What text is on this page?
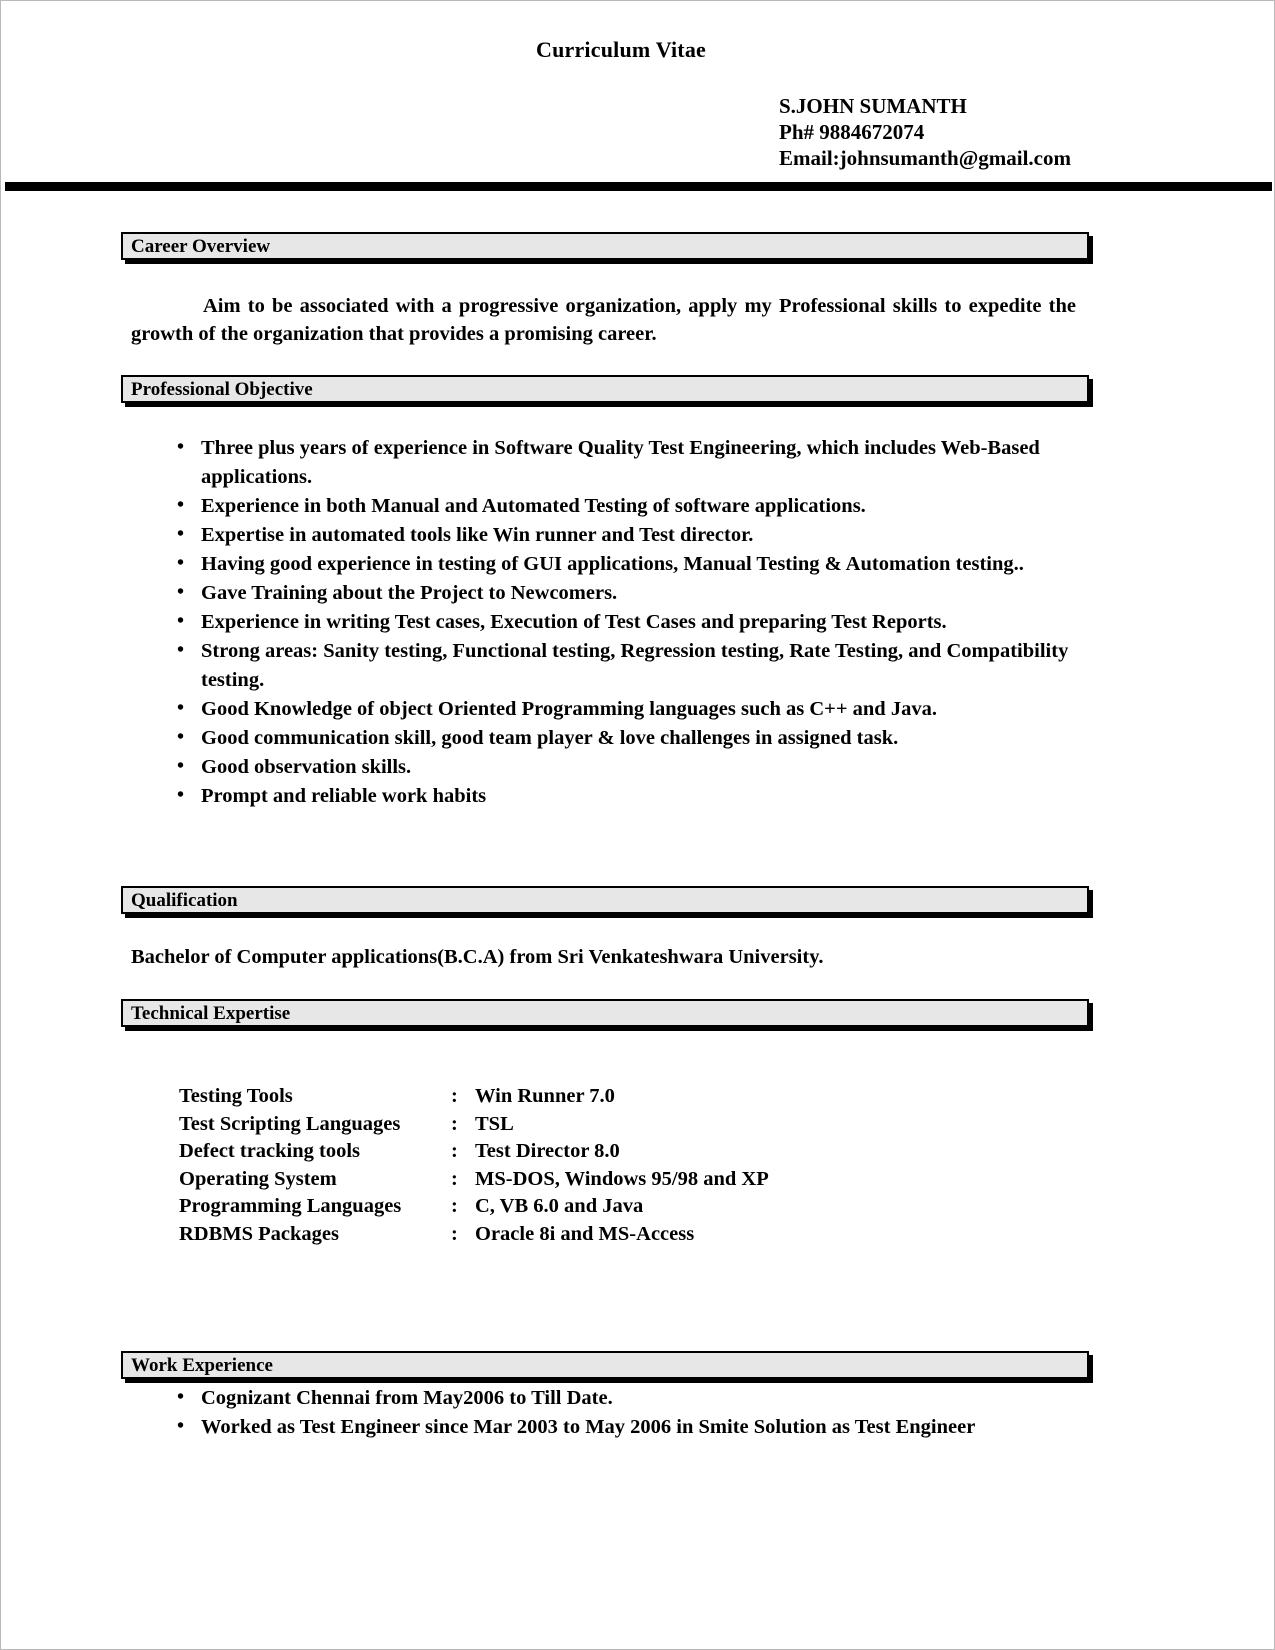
Curriculum Vitae
S.JOHN SUMANTH
Ph# 9884672074
Email:johnsumanth@gmail.com
Career Overview
Aim to be associated with a progressive organization, apply my Professional skills to expedite the growth of the organization that provides a promising career.
Professional Objective
• Three plus years of experience in Software Quality Test Engineering, which includes Web-Based applications.
• Experience in both Manual and Automated Testing of software applications.
• Expertise in automated tools like Win runner and Test director.
• Having good experience in testing of GUI applications, Manual Testing & Automation testing..
• Gave Training about the Project to Newcomers.
• Experience in writing Test cases, Execution of Test Cases and preparing Test Reports.
• Strong areas: Sanity testing, Functional testing, Regression testing, Rate Testing, and Compatibility testing.
• Good Knowledge of object Oriented Programming languages such as C++ and Java.
• Good communication skill, good team player & love challenges in assigned task.
• Good observation skills.
• Prompt and reliable work habits
Qualification
Bachelor of Computer applications(B.C.A) from Sri Venkateshwara University.
Technical Expertise
Testing Tools	:	Win Runner 7.0
Test Scripting Languages	:	TSL
Defect tracking tools	:	Test Director 8.0
Operating System	:	MS-DOS, Windows 95/98 and XP
Programming Languages	:	C, VB 6.0 and Java
RDBMS Packages	:	Oracle 8i and MS-Access
Work Experience
• Cognizant Chennai from May2006 to Till Date.
• Worked as Test Engineer since Mar 2003 to May 2006 in Smite Solution as Test Engineer
